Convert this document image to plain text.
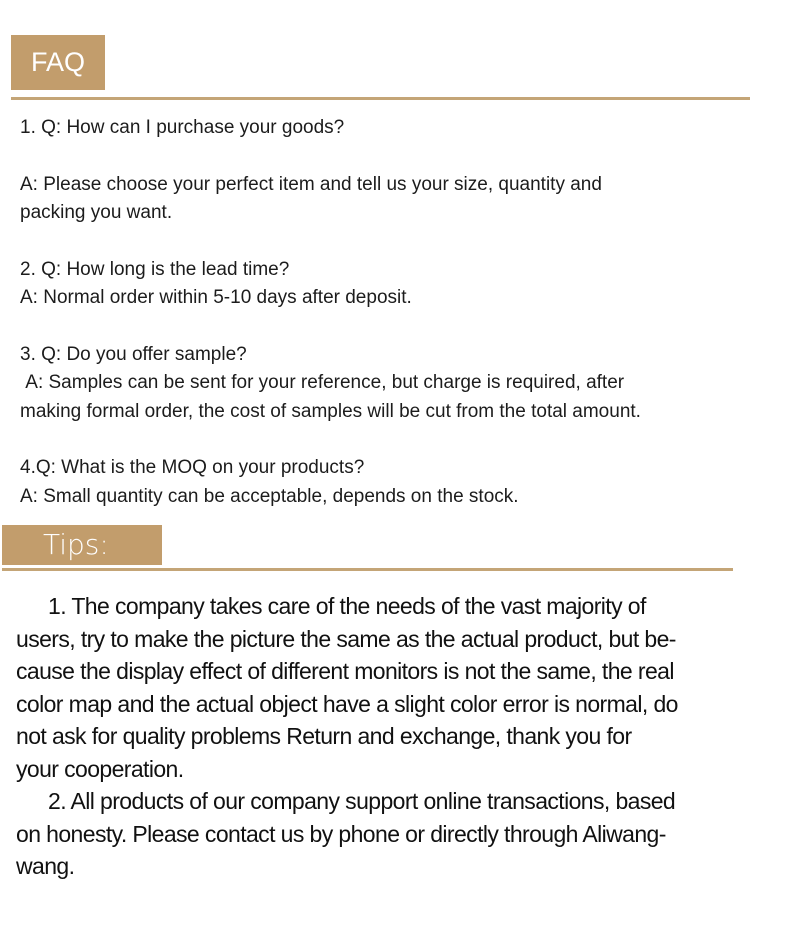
FAQ

1. Q: How can I purchase your goods?

A: Please choose your perfect item and tell us your size, quantity and

packing you want.

2. Q: How long is the lead time?

A: Normal order within 5-10 days after deposit.

3. Q: Do you offer sample?

A: Samples can be sent for your reference, but charge is required, after

making formal order, the cost of samples will be cut from the total amount.

4.Q: What is the MOQ on your products?

A: Small quantity can be acceptable, depends on the stock.

Tips:

1. The company takes care of the needs of the vast majority of

users, try to make the picture the same as the actual product, but be-

cause the display effect of different monitors is not the same, the real

color map and the actual object have a slight color error is normal, do

not ask for quality problems Return and exchange, thank you for

your cooperation.

2. All products of our company support online transactions, based

on honesty. Please contact us by phone or directly through Aliwang-

wang.
